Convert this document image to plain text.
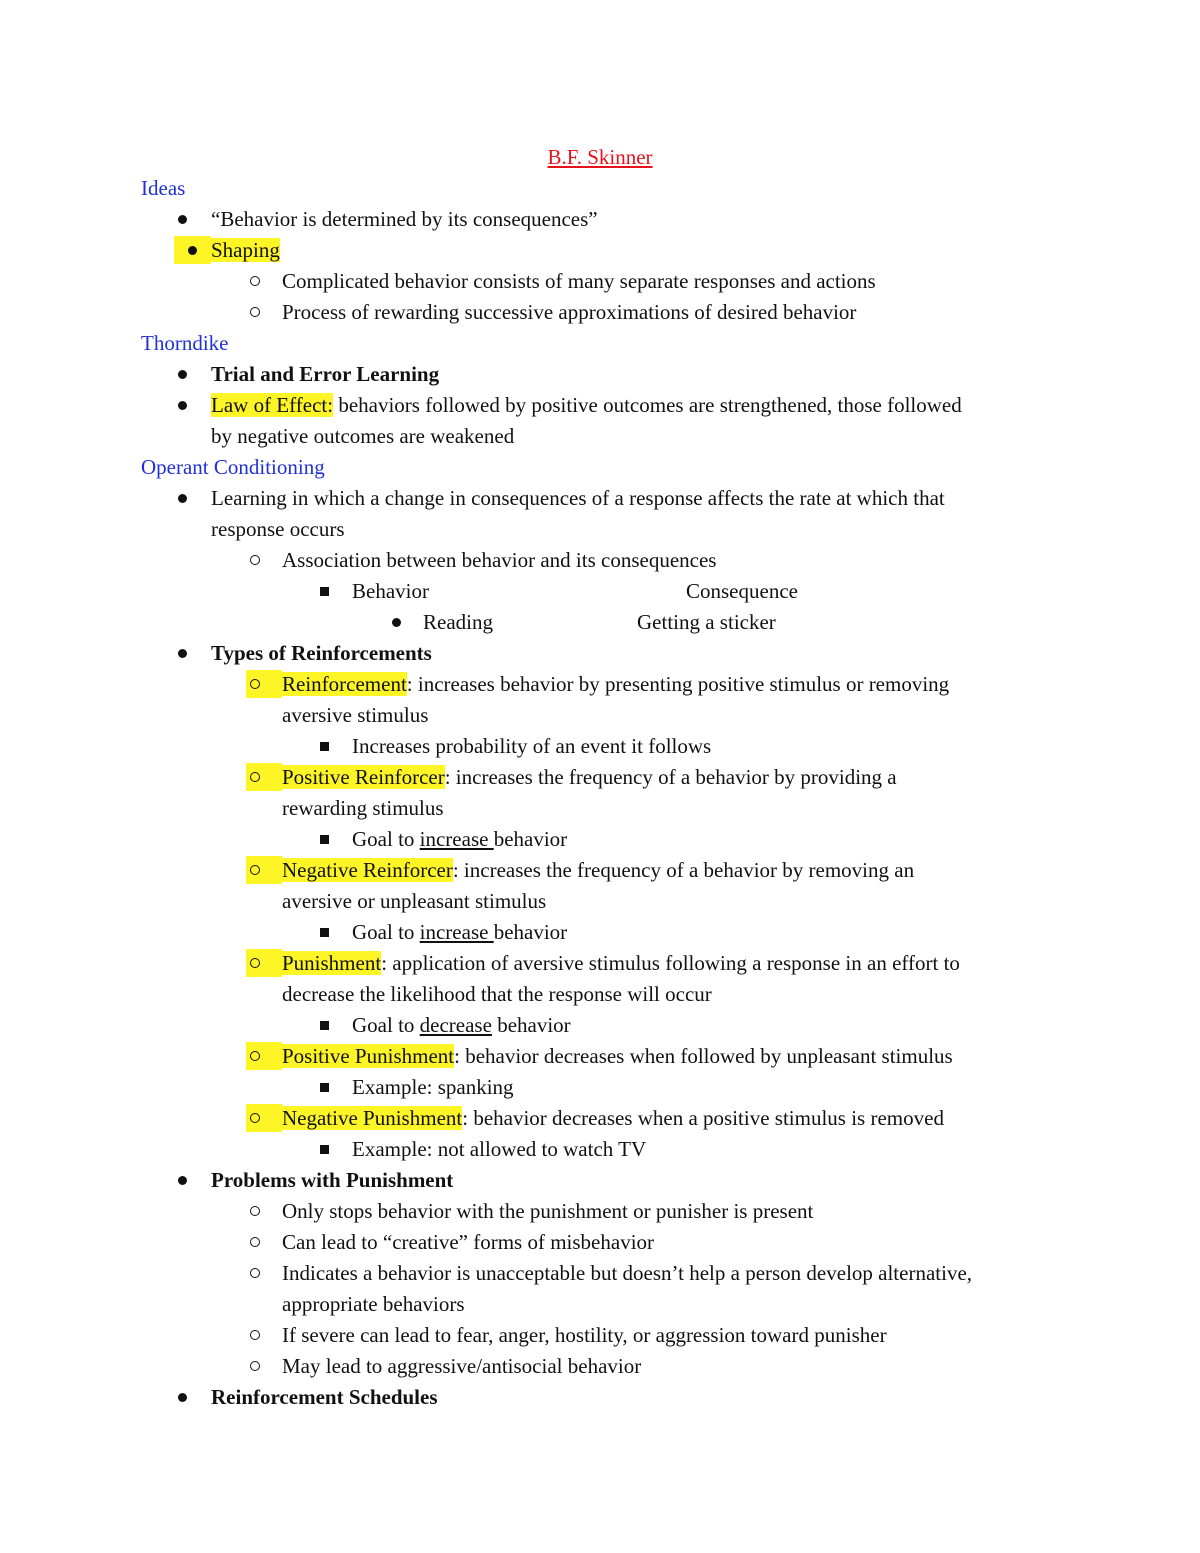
B.F. Skinner
Ideas
“Behavior is determined by its consequences”
Shaping
Complicated behavior consists of many separate responses and actions
Process of rewarding successive approximations of desired behavior
Thorndike
Trial and Error Learning
Law of Effect: behaviors followed by positive outcomes are strengthened, those followed
by negative outcomes are weakened
Operant Conditioning
Learning in which a change in consequences of a response affects the rate at which that
response occurs
Association between behavior and its consequences
Behavior	Consequence
Reading	Getting a sticker
Types of Reinforcements
Reinforcement: increases behavior by presenting positive stimulus or removing
aversive stimulus
Increases probability of an event it follows
Positive Reinforcer: increases the frequency of a behavior by providing a
rewarding stimulus
Goal to increase behavior
Negative Reinforcer: increases the frequency of a behavior by removing an
aversive or unpleasant stimulus
Goal to increase behavior
Punishment: application of aversive stimulus following a response in an effort to
decrease the likelihood that the response will occur
Goal to decrease behavior
Positive Punishment: behavior decreases when followed by unpleasant stimulus
Example: spanking
Negative Punishment: behavior decreases when a positive stimulus is removed
Example: not allowed to watch TV
Problems with Punishment
Only stops behavior with the punishment or punisher is present
Can lead to “creative” forms of misbehavior
Indicates a behavior is unacceptable but doesn’t help a person develop alternative,
appropriate behaviors
If severe can lead to fear, anger, hostility, or aggression toward punisher
May lead to aggressive/antisocial behavior
Reinforcement Schedules
